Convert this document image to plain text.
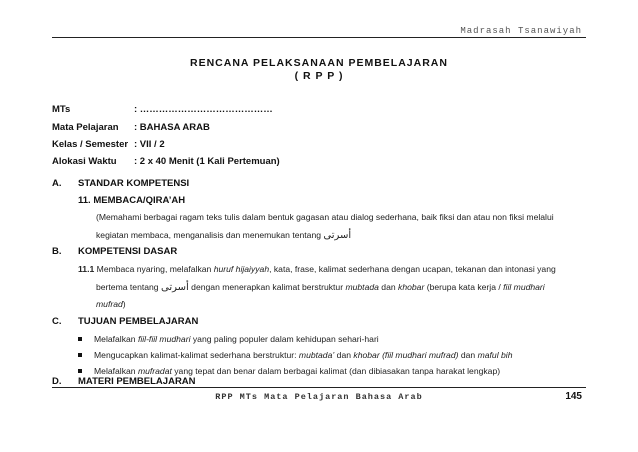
Madrasah Tsanawiyah
RENCANA PELAKSANAAN PEMBELAJARAN
( R P P )
MTs	: ……………………………………
Mata Pelajaran : BAHASA ARAB
Kelas / Semester : VII / 2
Alokasi Waktu : 2 x 40 Menit (1 Kali Pertemuan)
A. STANDAR KOMPETENSI
11. MEMBACA/QIRA’AH
(Memahami berbagai ragam teks tulis dalam bentuk gagasan atau dialog sederhana, baik fiksi dan atau non fiksi melalui
kegiatan membaca, menganalisis dan menemukan tentang أسرتى
B. KOMPETENSI DASAR
11.1 Membaca nyaring, melafalkan huruf hijaiyyah, kata, frase, kalimat sederhana dengan ucapan, tekanan dan intonasi yang
bertema tentang أسرتى dengan menerapkan kalimat berstruktur mubtada dan khobar (berupa kata kerja / fiil mudhari
mufrad)
C. TUJUAN PEMBELAJARAN
Melafalkan fiil-fiil mudhari yang paling populer dalam kehidupan sehari-hari
Mengucapkan kalimat-kalimat sederhana berstruktur: mubtada’ dan khobar (fiil mudhari mufrad) dan maful bih
Melafalkan mufradat yang tepat dan benar dalam berbagai kalimat (dan dibiasakan tanpa harakat lengkap)
D. MATERI PEMBELAJARAN
RPP MTs Mata Pelajaran Bahasa Arab	145
